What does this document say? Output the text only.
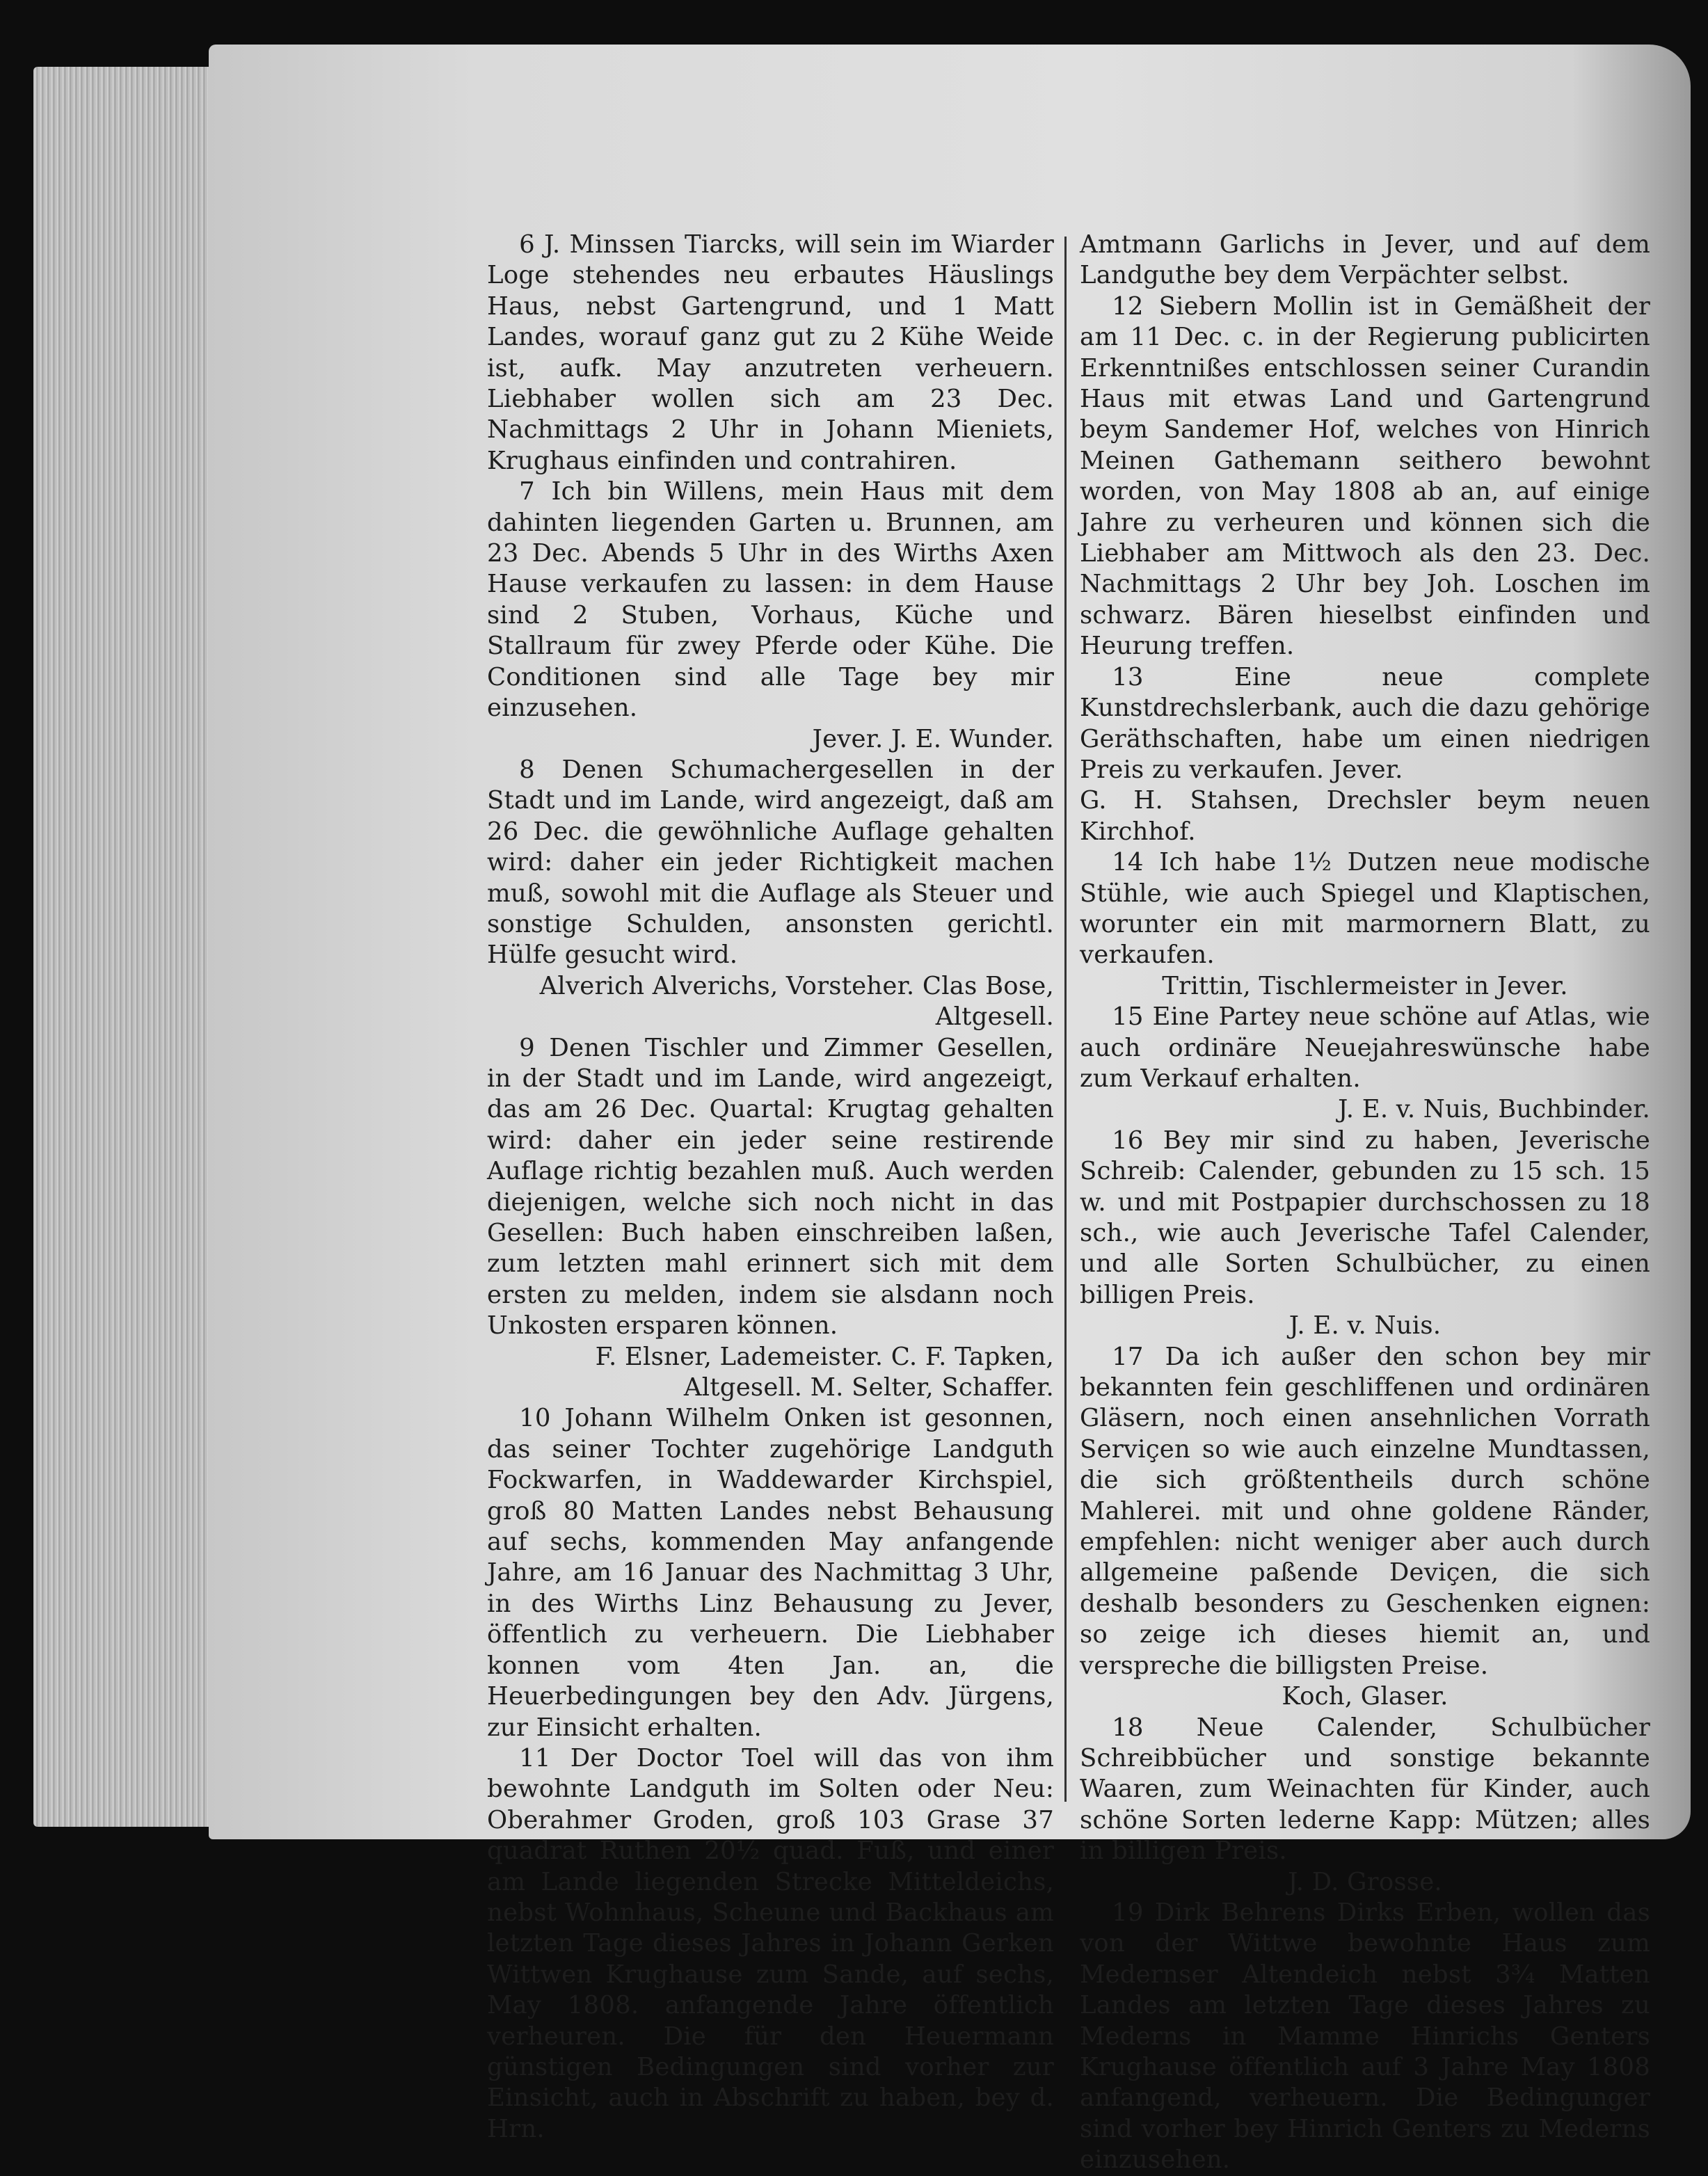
6 J. Minssen Tiarcks, will sein im Wiarder Loge stehendes neu erbautes Häuslings Haus, nebst Gartengrund, und 1 Matt Landes, worauf ganz gut zu 2 Kühe Weide ist, aufk. May anzutreten verheuern. Liebhaber wollen sich am 23 Dec. Nachmittags 2 Uhr in Johann Mieniets, Krughaus einfinden und contrahiren.
7 Ich bin Willens, mein Haus mit dem dahinten liegenden Garten u. Brunnen, am 23 Dec. Abends 5 Uhr in des Wirths Axen Hause verkaufen zu lassen: in dem Hause sind 2 Stuben, Vorhaus, Küche und Stallraum für zwey Pferde oder Kühe. Die Conditionen sind alle Tage bey mir einzusehen.
Jever. J. E. Wunder.
8 Denen Schumachergesellen in der Stadt und im Lande, wird angezeigt, daß am 26 Dec. die gewöhnliche Auflage gehalten wird: daher ein jeder Richtigkeit machen muß, sowohl mit die Auflage als Steuer und sonstige Schulden, ansonsten gerichtl. Hülfe gesucht wird.
Alverich Alverichs, Vorsteher. Clas Bose, Altgesell.
9 Denen Tischler und Zimmer Gesellen, in der Stadt und im Lande, wird angezeigt, das am 26 Dec. Quartal: Krugtag gehalten wird: daher ein jeder seine restirende Auflage richtig bezahlen muß. Auch werden diejenigen, welche sich noch nicht in das Gesellen: Buch haben einschreiben laßen, zum letzten mahl erinnert sich mit dem ersten zu melden, indem sie alsdann noch Unkosten ersparen können.
F. Elsner, Lademeister. C. F. Tapken, Altgesell. M. Selter, Schaffer.
10 Johann Wilhelm Onken ist gesonnen, das seiner Tochter zugehörige Landguth Fockwarfen, in Waddewarder Kirchspiel, groß 80 Matten Landes nebst Behausung auf sechs, kommenden May anfangende Jahre, am 16 Januar des Nachmittag 3 Uhr, in des Wirths Linz Behausung zu Jever, öffentlich zu verheuern. Die Liebhaber konnen vom 4ten Jan. an, die Heuerbedingungen bey den Adv. Jürgens, zur Einsicht erhalten.
11 Der Doctor Toel will das von ihm bewohnte Landguth im Solten oder Neu: Oberahmer Groden, groß 103 Grase 37 quadrat Ruthen 20½ quad. Fuß, und einer am Lande liegenden Strecke Mitteldeichs, nebst Wohnhaus, Scheune und Backhaus am letzten Tage dieses Jahres in Johann Gerken Wittwen Krughause zum Sande, auf sechs, May 1808. anfangende Jahre öffentlich verheuren. Die für den Heuermann günstigen Bedingungen sind vorher zur Einsicht, auch in Abschrift zu haben, bey d. Hrn.
Amtmann Garlichs in Jever, und auf dem Landguthe bey dem Verpächter selbst.
12 Siebern Mollin ist in Gemäßheit der am 11 Dec. c. in der Regierung publicirten Erkenntnißes entschlossen seiner Curandin Haus mit etwas Land und Gartengrund beym Sandemer Hof, welches von Hinrich Meinen Gathemann seithero bewohnt worden, von May 1808 ab an, auf einige Jahre zu verheuren und können sich die Liebhaber am Mittwoch als den 23. Dec. Nachmittags 2 Uhr bey Joh. Loschen im schwarz. Bären hieselbst einfinden und Heurung treffen.
13 Eine neue complete Kunstdrechslerbank, auch die dazu gehörige Geräthschaften, habe um einen niedrigen Preis zu verkaufen. Jever.
G. H. Stahsen, Drechsler beym neuen Kirchhof.
14 Ich habe 1½ Dutzen neue modische Stühle, wie auch Spiegel und Klaptischen, worunter ein mit marmornern Blatt, zu verkaufen.
Trittin, Tischlermeister in Jever.
15 Eine Partey neue schöne auf Atlas, wie auch ordinäre Neuejahreswünsche habe zum Verkauf erhalten.
J. E. v. Nuis, Buchbinder.
16 Bey mir sind zu haben, Jeverische Schreib: Calender, gebunden zu 15 sch. 15 w. und mit Postpapier durchschossen zu 18 sch., wie auch Jeverische Tafel Calender, und alle Sorten Schulbücher, zu einen billigen Preis.
J. E. v. Nuis.
17 Da ich außer den schon bey mir bekannten fein geschliffenen und ordinären Gläsern, noch einen ansehnlichen Vorrath Serviçen so wie auch einzelne Mundtassen, die sich größtentheils durch schöne Mahlerei. mit und ohne goldene Ränder, empfehlen: nicht weniger aber auch durch allgemeine paßende Deviçen, die sich deshalb besonders zu Geschenken eignen: so zeige ich dieses hiemit an, und verspreche die billigsten Preise.
Koch, Glaser.
18 Neue Calender, Schulbücher Schreibbücher und sonstige bekannte Waaren, zum Weinachten für Kinder, auch schöne Sorten lederne Kapp: Mützen; alles in billigen Preis.
J. D. Grosse.
19 Dirk Behrens Dirks Erben, wollen das von der Wittwe bewohnte Haus zum Medernser Altendeich nebst 3¾ Matten Landes am letzten Tage dieses Jahres zu Mederns in Mamme Hinrichs Genters Krughause öffentlich auf 3 Jahre May 1808 anfangend, verheuern. Die Bedingunger sind vorher bey Hinrich Genters zu Mederns einzusehen.
